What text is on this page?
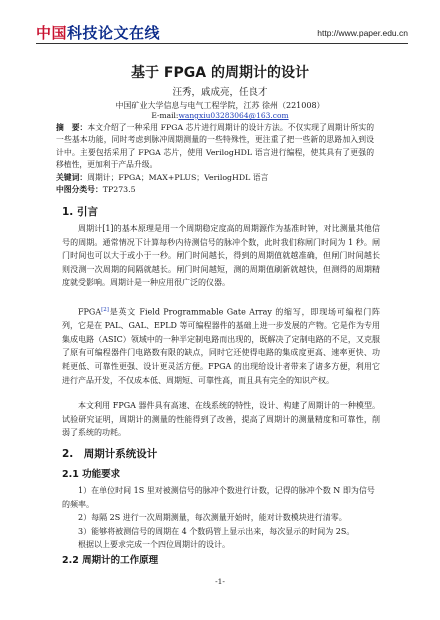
中国科技论文在线	http://www.paper.edu.cn
基于 FPGA 的周期计的设计
汪秀，戚成亮，任良才
中国矿业大学信息与电气工程学院，江苏 徐州（221008）
E-mail:wangxiu03283064@163.com
摘　要：本文介绍了一种采用 FPGA 芯片进行周期计的设计方法。不仅实现了周期计所实的一些基本功能，同时考虑到脉冲周期测量的一些特殊性，更注重了把一些新的思路加入到设计中。主要包括采用了 FPGA 芯片，使用 VerilogHDL 语言进行编程，使其具有了更强的移植性，更加利于产品升级。
关键词：周期计；FPGA；MAX+PLUS；VerilogHDL 语言
中图分类号：TP273.5
1. 引言
周期计[1]的基本原理是用一个周期稳定度高的周期源作为基准时钟，对比测量其他信号的周期。通常情况下计算每秒内待测信号的脉冲个数，此时我们称闸门时间为 1 秒。闸门时间也可以大于或小于一秒。闸门时间越长，得到的周期值就越准确，但闸门时间越长则没测一次周期的间隔就越长。闸门时间越短，测的周期值刷新就越快，但测得的周期精度就受影响。周期计是一种应用很广泛的仪器。
FPGA[2]是英文 Field Programmable Gate Array 的缩写，即现场可编程门阵列，它是在 PAL、GAL、EPLD 等可编程器件的基础上进一步发展的产物。它是作为专用集成电路（ASIC）领域中的一种半定制电路而出现的，既解决了定制电路的不足，又克服了原有可编程器件门电路数有限的缺点，同时它还使得电路的集成度更高、速率更快、功耗更低、可靠性更强、设计更灵活方便。FPGA 的出现给设计者带来了诸多方便，利用它进行产品开发，不仅成本低、周期短、可靠性高，而且具有完全的知识产权。
本文利用 FPGA 器件具有高速、在线系统的特性，设计、构建了周期计的一种模型。试验研究证明，周期计的测量的性能得到了改善，提高了周期计的测量精度和可靠性，削弱了系统的功耗。
2.　周期计系统设计
2.1 功能要求

1）在单位时间 1S 里对被测信号的脉冲个数进行计数，记得的脉冲个数 N 即为信号的频率。

2）每隔 2S 进行一次周期测量，每次测量开始时，能对计数模块进行清零。

3）能够将被测信号的周期在 4 个数码管上显示出来，每次显示的时间为 2S。

根据以上要求完成一个四位周期计的设计。

2.2 周期计的工作原理
-1-
